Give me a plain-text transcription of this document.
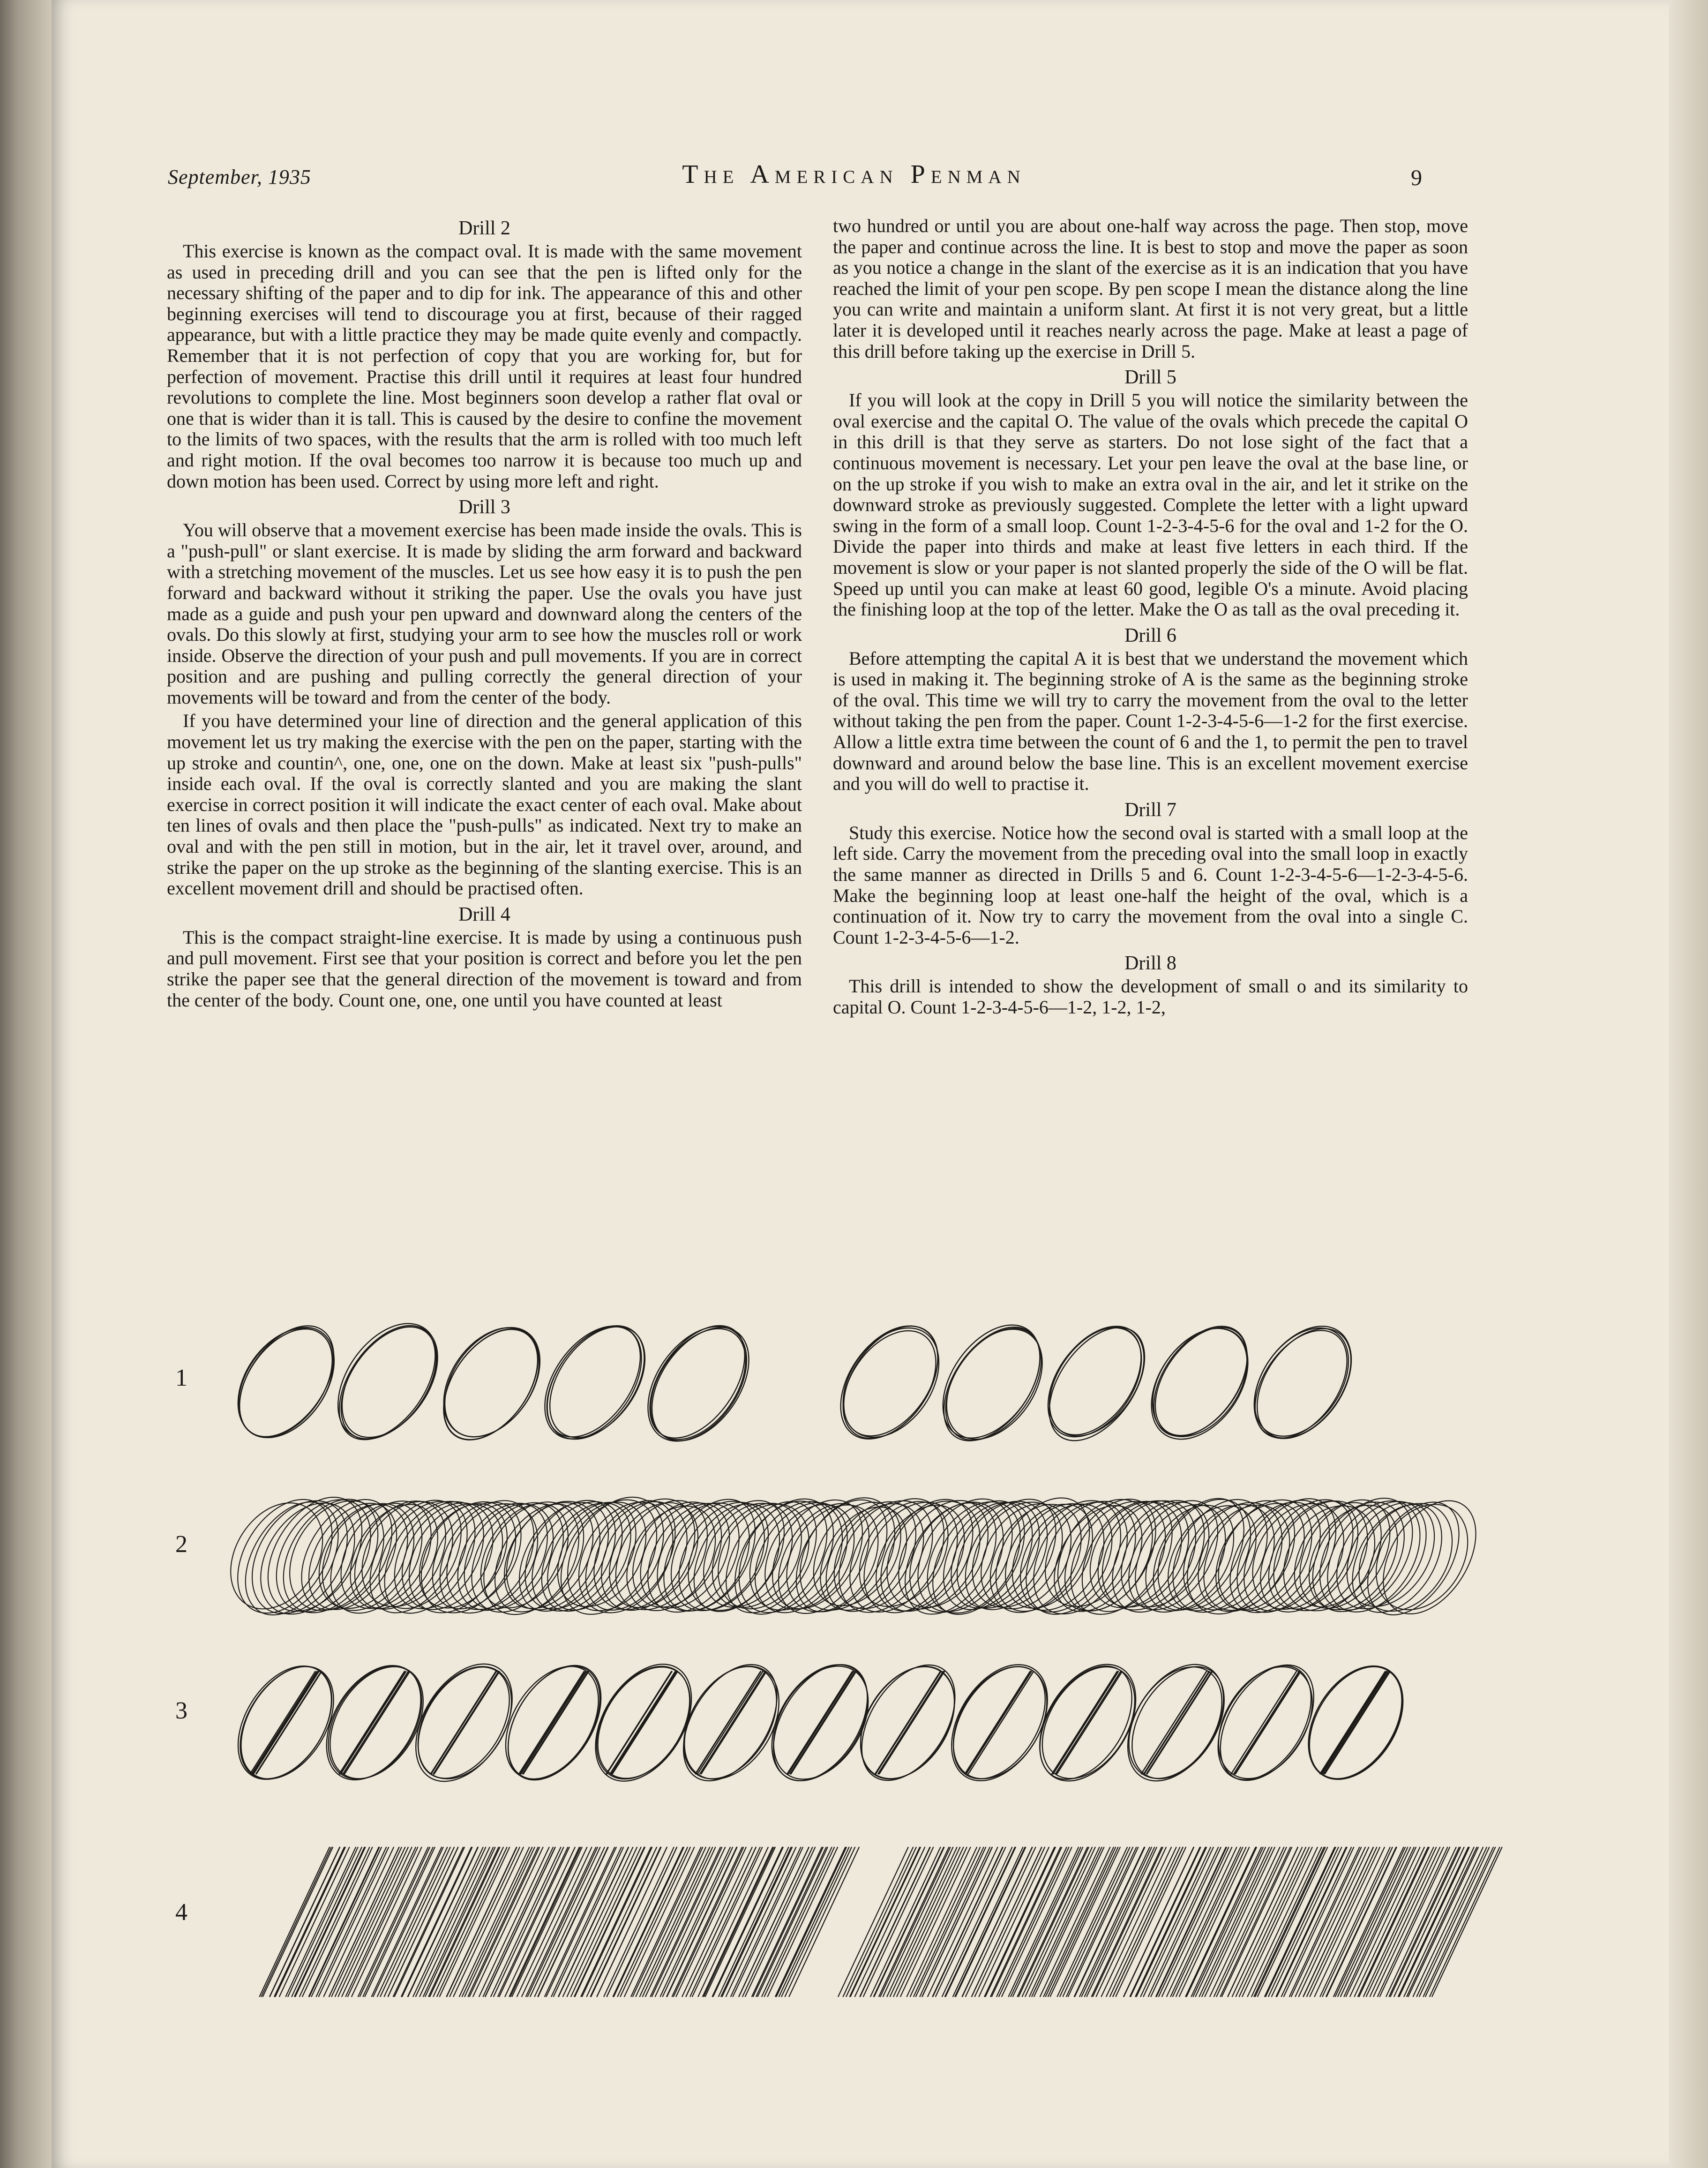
September, 1935	The American Penman	9
Drill 2

This exercise is known as the compact oval. It is made with the same movement as used in preceding drill and you can see that the pen is lifted only for the necessary shifting of the paper and to dip for ink. The appearance of this and other beginning exercises will tend to discourage you at first, because of their ragged appearance, but with a little practice they may be made quite evenly and compactly. Remember that it is not perfection of copy that you are working for, but for perfection of movement. Practise this drill until it requires at least four hundred revolutions to complete the line. Most beginners soon develop a rather flat oval or one that is wider than it is tall. This is caused by the desire to confine the movement to the limits of two spaces, with the results that the arm is rolled with too much left and right motion. If the oval becomes too narrow it is because too much up and down motion has been used. Correct by using more left and right.

Drill 3

You will observe that a movement exercise has been made inside the ovals. This is a "push-pull" or slant exercise. It is made by sliding the arm forward and backward with a stretching movement of the muscles. Let us see how easy it is to push the pen forward and backward without it striking the paper. Use the ovals you have just made as a guide and push your pen upward and downward along the centers of the ovals. Do this slowly at first, studying your arm to see how the muscles roll or work inside. Observe the direction of your push and pull movements. If you are in correct position and are pushing and pulling correctly the general direction of your movements will be toward and from the center of the body.

If you have determined your line of direction and the general application of this movement let us try making the exercise with the pen on the paper, starting with the up stroke and countin^, one, one, one on the down. Make at least six "push-pulls" inside each oval. If the oval is correctly slanted and you are making the slant exercise in correct position it will indicate the exact center of each oval. Make about ten lines of ovals and then place the "push-pulls" as indicated. Next try to make an oval and with the pen still in motion, but in the air, let it travel over, around, and strike the paper on the up stroke as the beginning of the slanting exercise. This is an excellent movement drill and should be practised often.

Drill 4

This is the compact straight-line exercise. It is made by using a continuous push and pull movement. First see that your position is correct and before you let the pen strike the paper see that the general direction of the movement is toward and from the center of the body. Count one, one, one until you have counted at least

two hundred or until you are about one-half way across the page. Then stop, move the paper and continue across the line. It is best to stop and move the paper as soon as you notice a change in the slant of the exercise as it is an indication that you have reached the limit of your pen scope. By pen scope I mean the distance along the line you can write and maintain a uniform slant. At first it is not very great, but a little later it is developed until it reaches nearly across the page. Make at least a page of this drill before taking up the exercise in Drill 5.

Drill 5

If you will look at the copy in Drill 5 you will notice the similarity between the oval exercise and the capital O. The value of the ovals which precede the capital O in this drill is that they serve as starters. Do not lose sight of the fact that a continuous movement is necessary. Let your pen leave the oval at the base line, or on the up stroke if you wish to make an extra oval in the air, and let it strike on the downward stroke as previously suggested. Complete the letter with a light upward swing in the form of a small loop. Count 1-2-3-4-5-6 for the oval and 1-2 for the O. Divide the paper into thirds and make at least five letters in each third. If the movement is slow or your paper is not slanted properly the side of the O will be flat. Speed up until you can make at least 60 good, legible O's a minute. Avoid placing the finishing loop at the top of the letter. Make the O as tall as the oval preceding it.

Drill 6

Before attempting the capital A it is best that we understand the movement which is used in making it. The beginning stroke of A is the same as the beginning stroke of the oval. This time we will try to carry the movement from the oval to the letter without taking the pen from the paper. Count 1-2-3-4-5-6—1-2 for the first exercise. Allow a little extra time between the count of 6 and the 1, to permit the pen to travel downward and around below the base line. This is an excellent movement exercise and you will do well to practise it.

Drill 7

Study this exercise. Notice how the second oval is started with a small loop at the left side. Carry the movement from the preceding oval into the small loop in exactly the same manner as directed in Drills 5 and 6. Count 1-2-3-4-5-6—1-2-3-4-5-6. Make the beginning loop at least one-half the height of the oval, which is a continuation of it. Now try to carry the movement from the oval into a single C. Count 1-2-3-4-5-6—1-2.

Drill 8

This drill is intended to show the development of small o and its similarity to capital O. Count 1-2-3-4-5-6—1-2, 1-2, 1-2,

1
2
3
4
